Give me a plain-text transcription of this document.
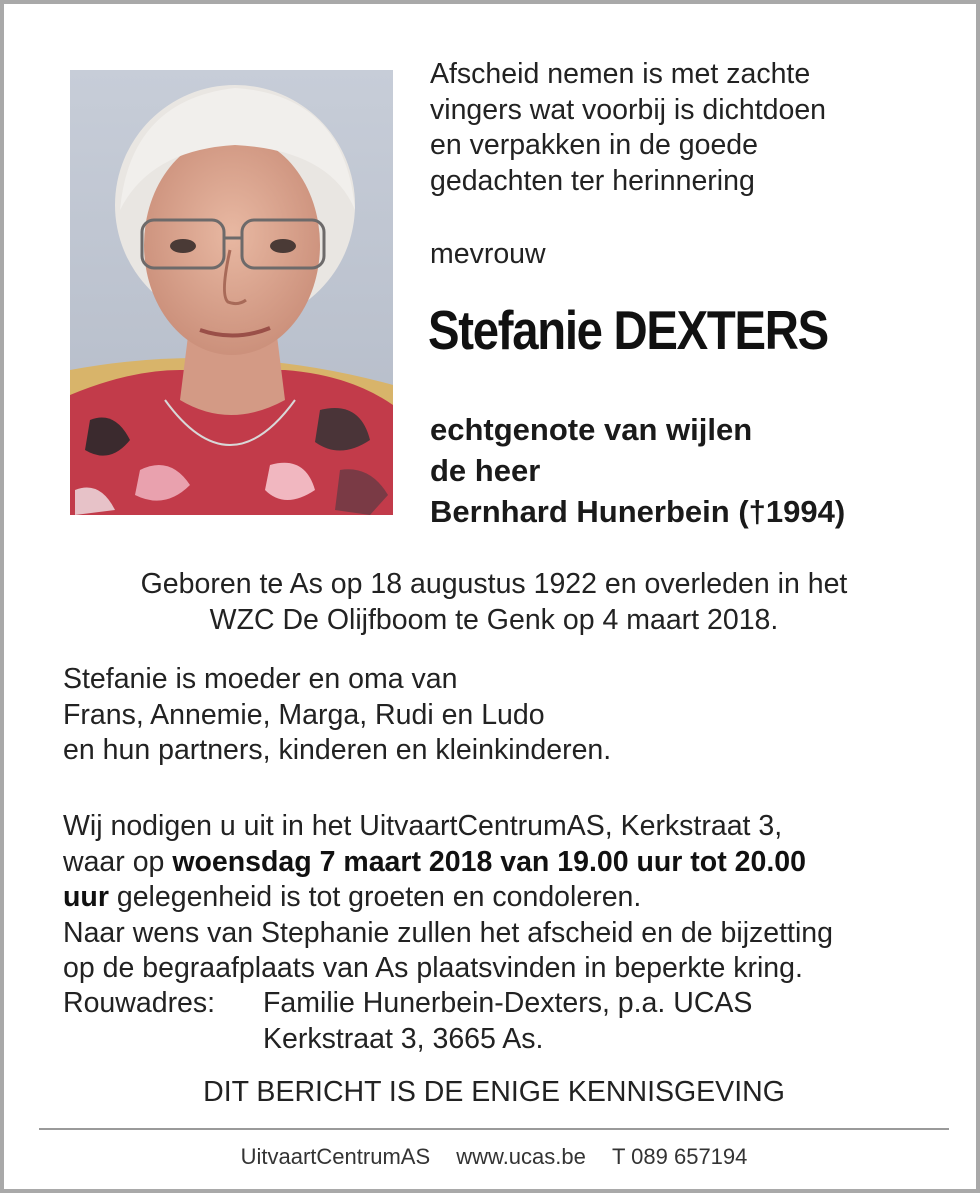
Afscheid nemen is met zachte
vingers wat voorbij is dichtdoen
en verpakken in de goede
gedachten ter herinnering
mevrouw
Stefanie DEXTERS
echtgenote van wijlen
de heer
Bernhard Hunerbein (†1994)
Geboren te As op 18 augustus 1922 en overleden in het
WZC De Olijfboom te Genk op 4 maart 2018.
Stefanie is moeder en oma van
Frans, Annemie, Marga, Rudi en Ludo
en hun partners, kinderen en kleinkinderen.
Wij nodigen u uit in het UitvaartCentrumAS, Kerkstraat 3,
waar op woensdag 7 maart 2018 van 19.00 uur tot 20.00
uur gelegenheid is tot groeten en condoleren.
Naar wens van Stephanie zullen het afscheid en de bijzetting
op de begraafplaats van As plaatsvinden in beperkte kring.
Rouwadres: Familie Hunerbein-Dexters, p.a. UCAS
Kerkstraat 3, 3665 As.
DIT BERICHT IS DE ENIGE KENNISGEVING
UitvaartCentrumAS www.ucas.be T 089 657194
